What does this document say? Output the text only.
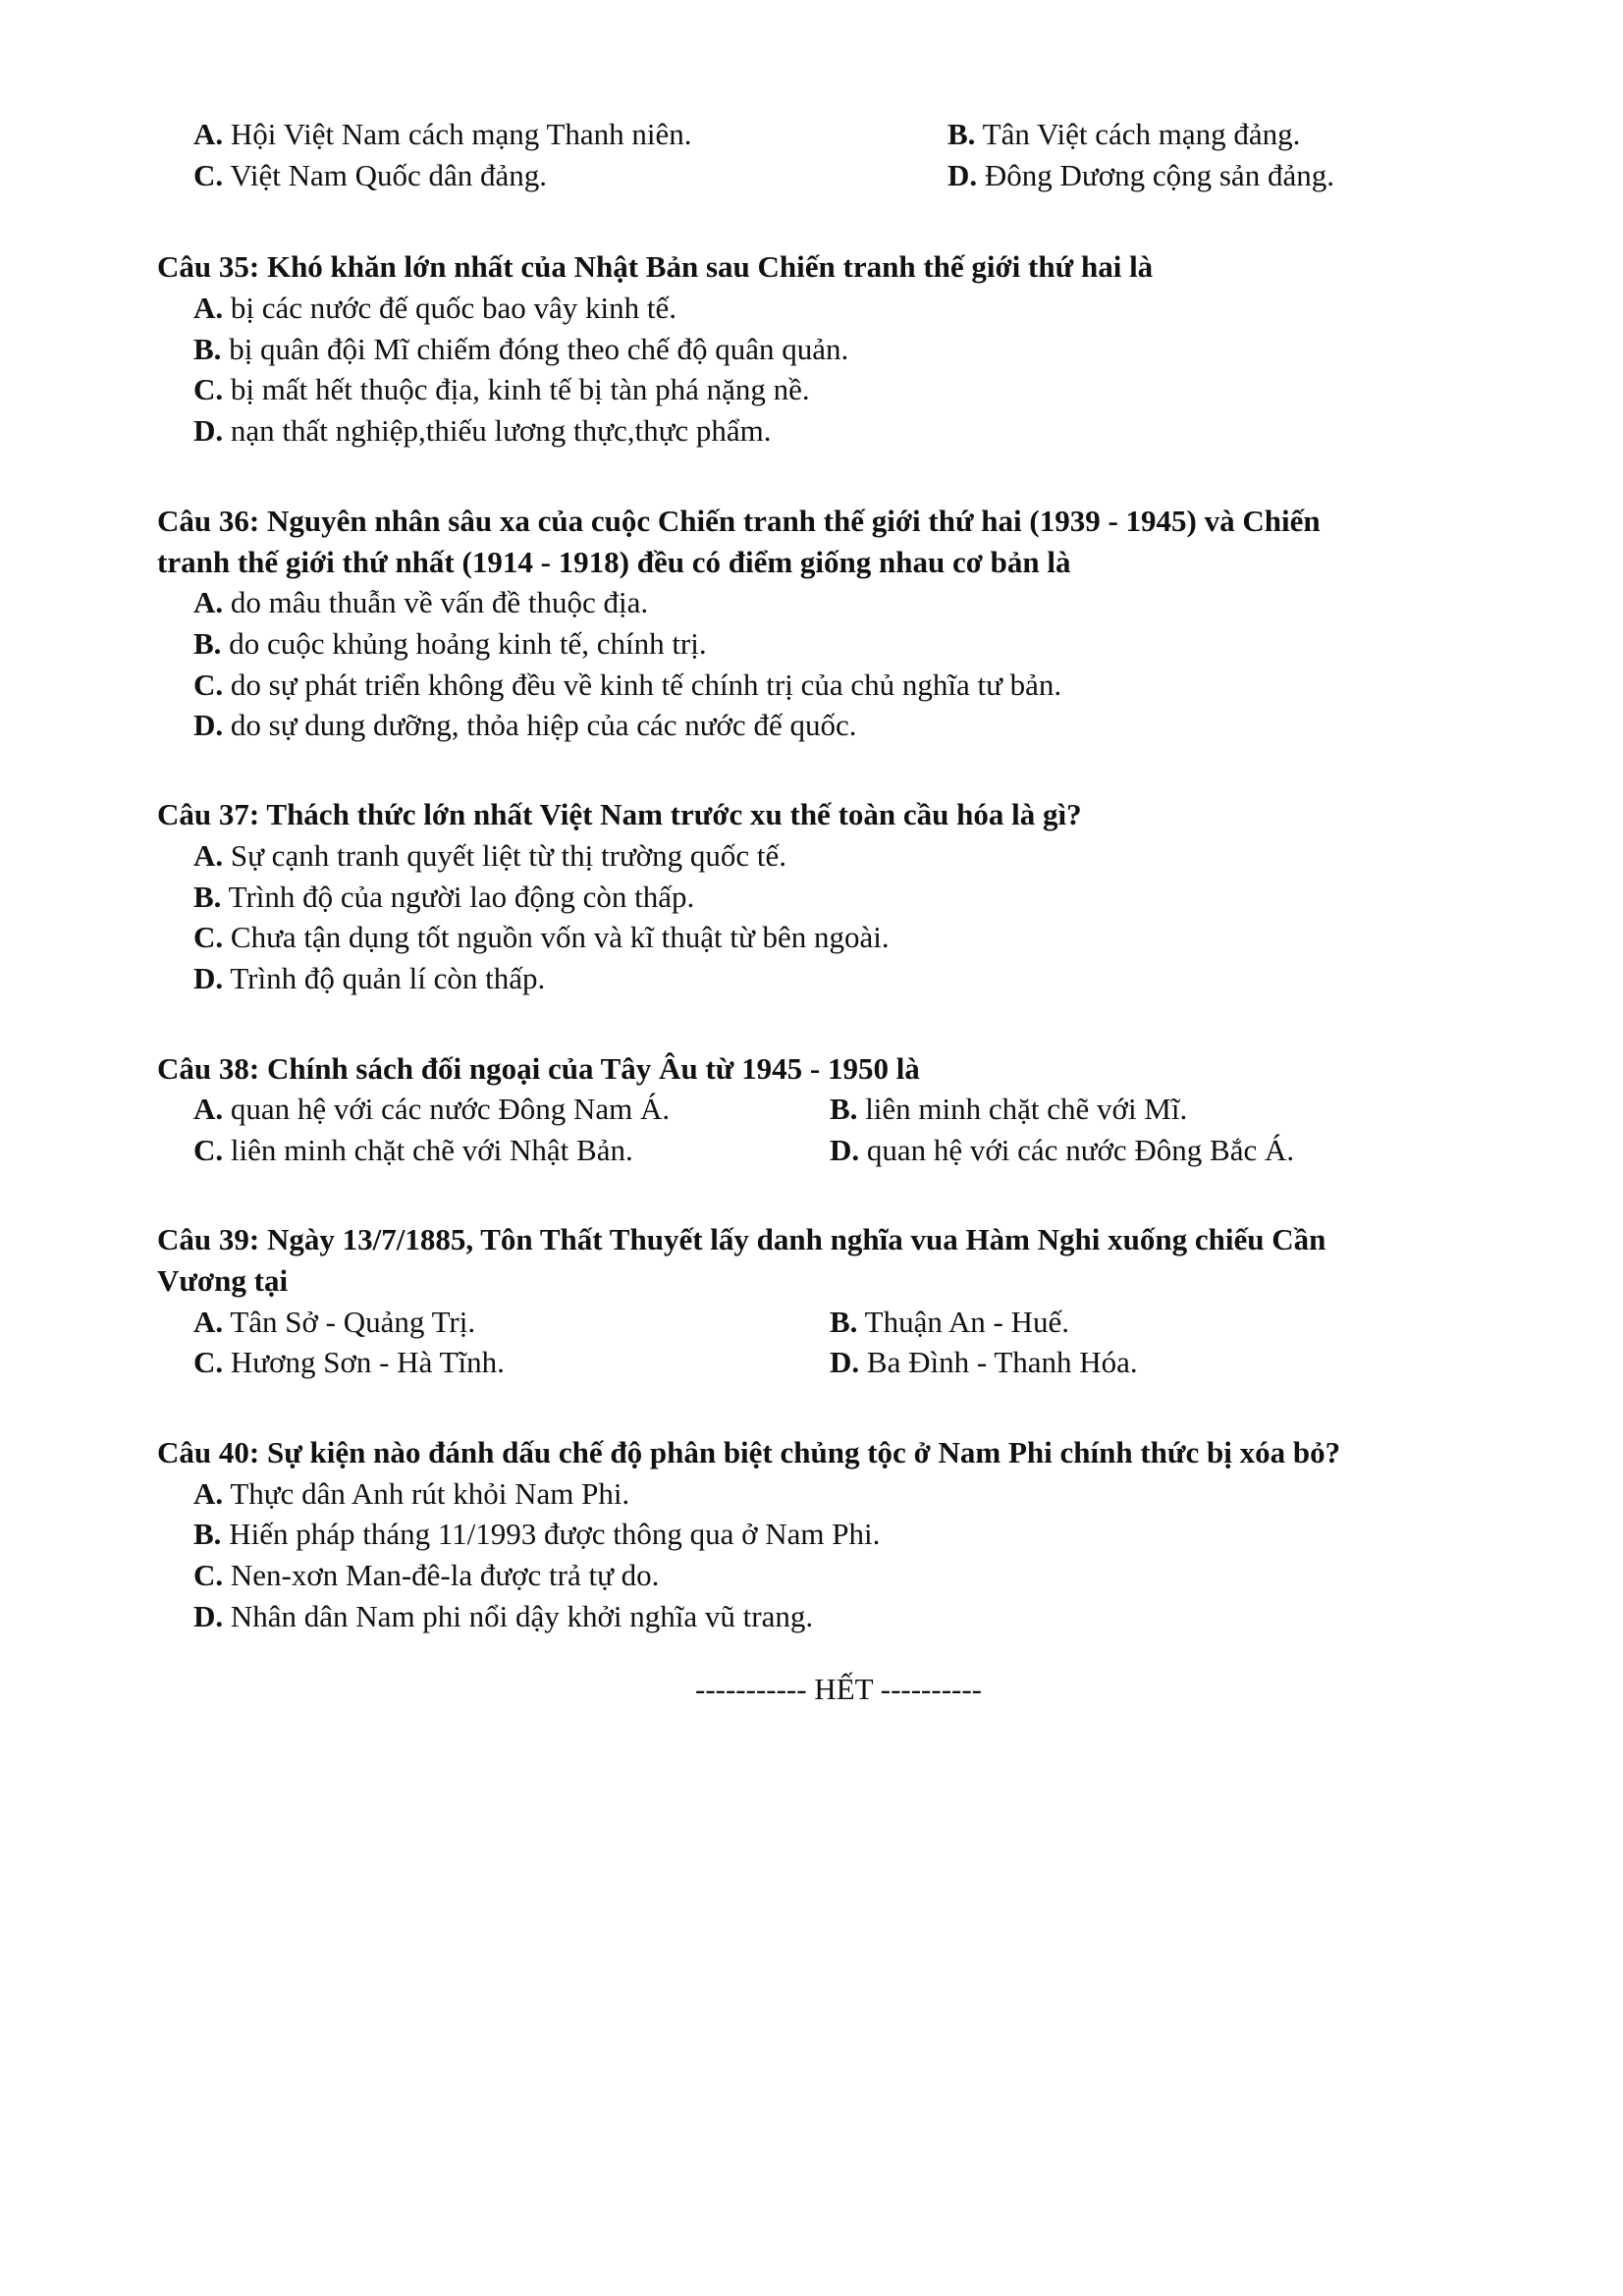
A. Hội Việt Nam cách mạng Thanh niên.	B. Tân Việt cách mạng đảng.
C. Việt Nam Quốc dân đảng.	D. Đông Dương cộng sản đảng.
Câu 35: Khó khăn lớn nhất của Nhật Bản sau Chiến tranh thế giới thứ hai là
A. bị các nước đế quốc bao vây kinh tế.
B. bị quân đội Mĩ chiếm đóng theo chế độ quân quản.
C. bị mất hết thuộc địa, kinh tế bị tàn phá nặng nề.
D. nạn thất nghiệp,thiếu lương thực,thực phẩm.
Câu 36: Nguyên nhân sâu xa của cuộc Chiến tranh thế giới thứ hai (1939 - 1945) và Chiến
tranh thế giới thứ nhất (1914 - 1918) đều có điểm giống nhau cơ bản là
A. do mâu thuẫn về vấn đề thuộc địa.
B. do cuộc khủng hoảng kinh tế, chính trị.
C. do sự phát triển không đều về kinh tế chính trị của chủ nghĩa tư bản.
D. do sự dung dưỡng, thỏa hiệp của các nước đế quốc.
Câu 37: Thách thức lớn nhất Việt Nam trước xu thế toàn cầu hóa là gì?
A. Sự cạnh tranh quyết liệt từ thị trường quốc tế.
B. Trình độ của người lao động còn thấp.
C. Chưa tận dụng tốt nguồn vốn và kĩ thuật từ bên ngoài.
D. Trình độ quản lí còn thấp.
Câu 38: Chính sách đối ngoại của Tây Âu từ 1945 - 1950 là
A. quan hệ với các nước Đông Nam Á.	B. liên minh chặt chẽ với Mĩ.
C. liên minh chặt chẽ với Nhật Bản.	D. quan hệ với các nước Đông Bắc Á.
Câu 39: Ngày 13/7/1885, Tôn Thất Thuyết lấy danh nghĩa vua Hàm Nghi xuống chiếu Cần
Vương tại
A. Tân Sở - Quảng Trị.	B. Thuận An - Huế.
C. Hương Sơn - Hà Tĩnh.	D. Ba Đình - Thanh Hóa.
Câu 40: Sự kiện nào đánh dấu chế độ phân biệt chủng tộc ở Nam Phi chính thức bị xóa bỏ?
A. Thực dân Anh rút khỏi Nam Phi.
B. Hiến pháp tháng 11/1993 được thông qua ở Nam Phi.
C. Nen-xơn Man-đê-la được trả tự do.
D. Nhân dân Nam phi nổi dậy khởi nghĩa vũ trang.
----------- HẾT ----------
